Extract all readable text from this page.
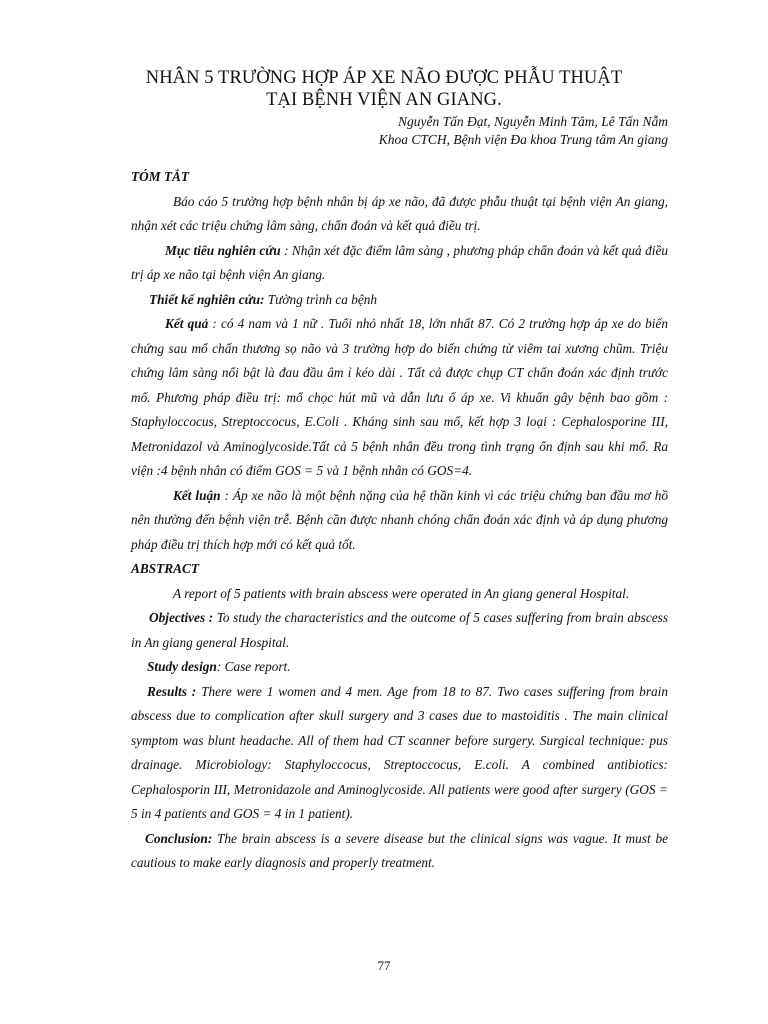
NHÂN 5 TRƯỜNG HỢP ÁP XE NÃO ĐƯỢC PHẪU THUẬT
TẠI BỆNH VIỆN AN GIANG.
Nguyễn Tấn Đạt, Nguyễn Minh Tâm, Lê Tấn Nẫm
Khoa CTCH, Bệnh viện Đa khoa Trung tâm An giang

TÓM TẮT

Báo cáo 5 trường hợp bệnh nhân bị áp xe não, đã được phẫu thuật tại bệnh viện An giang, nhận xét các triệu chứng lâm sàng, chẩn đoán và kết quả điều trị.

Mục tiêu nghiên cứu : Nhận xét đặc điểm lâm sàng , phương pháp chẩn đoán và kết quả điều trị áp xe não tại bệnh viện An giang.

Thiết kế nghiên cứu: Tường trình ca bệnh

Kết quả : có 4 nam và 1 nữ . Tuổi nhỏ nhất 18, lớn nhất 87. Có 2 trường hợp áp xe do biến chứng sau mổ chấn thương sọ não và 3 trường hợp do biến chứng từ viêm tai xương chũm. Triệu chứng lâm sàng nổi bật là đau đầu âm ỉ kéo dài . Tất cả được chụp CT chẩn đoán xác định trước mổ. Phương pháp điều trị: mổ chọc hút mũ và dẫn lưu ổ áp xe. Vi khuẩn gây bệnh bao gồm : Staphyloccocus, Streptoccocus, E.Coli . Kháng sinh sau mổ, kết hợp 3 loại : Cephalosporine III, Metronidazol và Aminoglycoside.Tất cả 5 bệnh nhân đều trong tình trạng ổn định sau khi mổ. Ra viện :4 bệnh nhân có điểm GOS = 5 và 1 bệnh nhân có GOS=4.

Kết luận : Áp xe não là một bệnh nặng của hệ thần kinh vì các triệu chứng ban đầu mơ hồ nên thường đến bệnh viện trễ. Bệnh cần được nhanh chóng chẩn đoán xác định và áp dụng phương pháp điều trị thích hợp mới có kết quả tốt.

ABSTRACT

A report of 5 patients with brain abscess were operated in An giang general Hospital.

Objectives : To study the characteristics and the outcome of 5 cases suffering from brain abscess in An giang general Hospital.

Study design: Case report.

Results : There were 1 women and 4 men. Age from 18 to 87. Two cases suffering from brain abscess due to complication after skull surgery and 3 cases due to mastoiditis . The main clinical symptom was blunt headache. All of them had CT scanner before surgery. Surgical technique: pus drainage. Microbiology: Staphyloccocus, Streptoccocus, E.coli. A combined antibiotics: Cephalosporin III, Metronidazole and Aminoglycoside. All patients were good after surgery (GOS = 5 in 4 patients and GOS = 4 in 1 patient).

Conclusion: The brain abscess is a severe disease but the clinical signs was vague. It must be cautious to make early diagnosis and properly treatment.

77
